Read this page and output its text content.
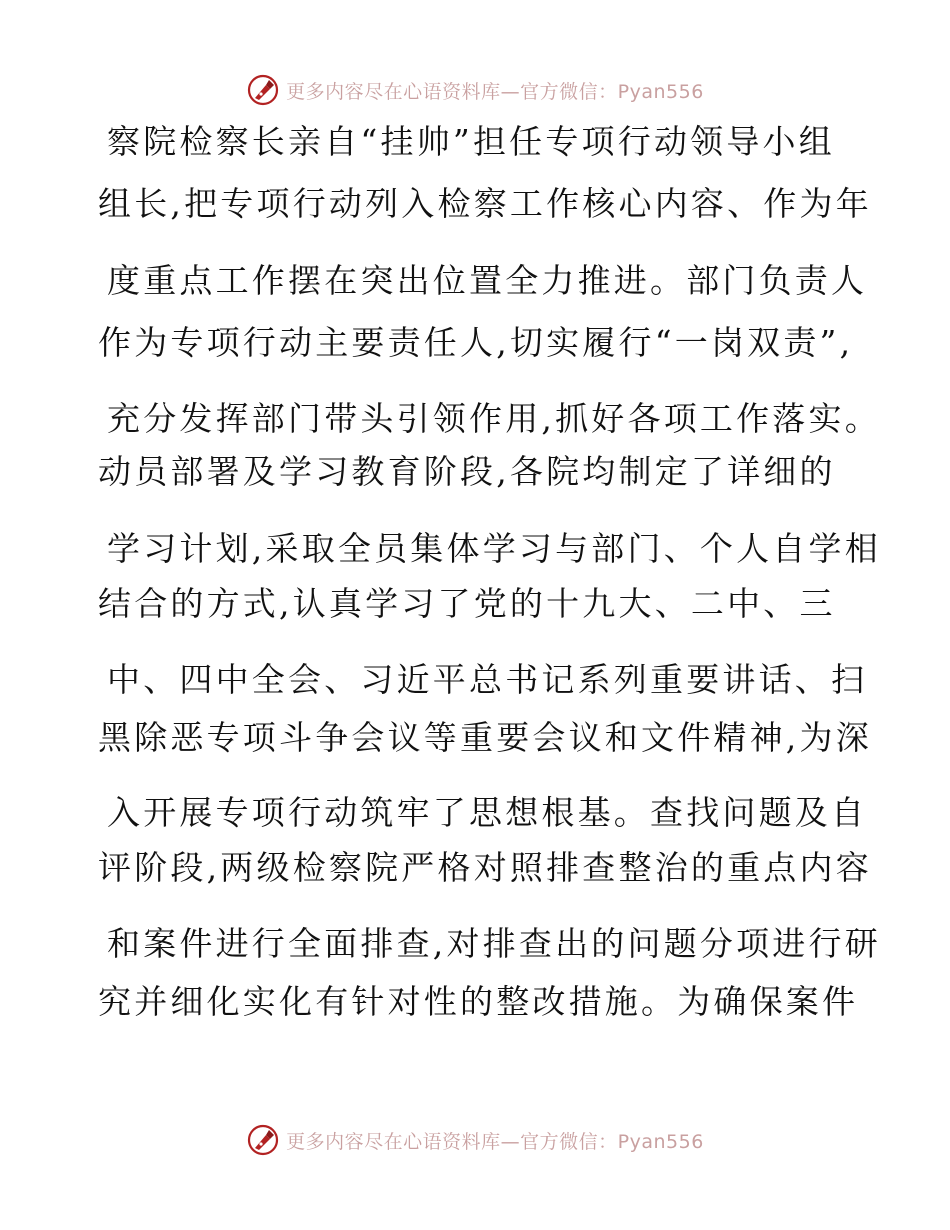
更多内容尽在心语资料库—官方微信：Pyan556
察院检察长亲自“挂帅”担任专项行动领导小组
组长,把专项行动列入检察工作核心内容、作为年
度重点工作摆在突出位置全力推进。部门负责人
作为专项行动主要责任人,切实履行“一岗双责”,
充分发挥部门带头引领作用,抓好各项工作落实。
动员部署及学习教育阶段,各院均制定了详细的
学习计划,采取全员集体学习与部门、个人自学相
结合的方式,认真学习了党的十九大、二中、三
中、四中全会、习近平总书记系列重要讲话、扫
黑除恶专项斗争会议等重要会议和文件精神,为深
入开展专项行动筑牢了思想根基。查找问题及自
评阶段,两级检察院严格对照排查整治的重点内容
和案件进行全面排查,对排查出的问题分项进行研
究并细化实化有针对性的整改措施。为确保案件
更多内容尽在心语资料库—官方微信：Pyan556
